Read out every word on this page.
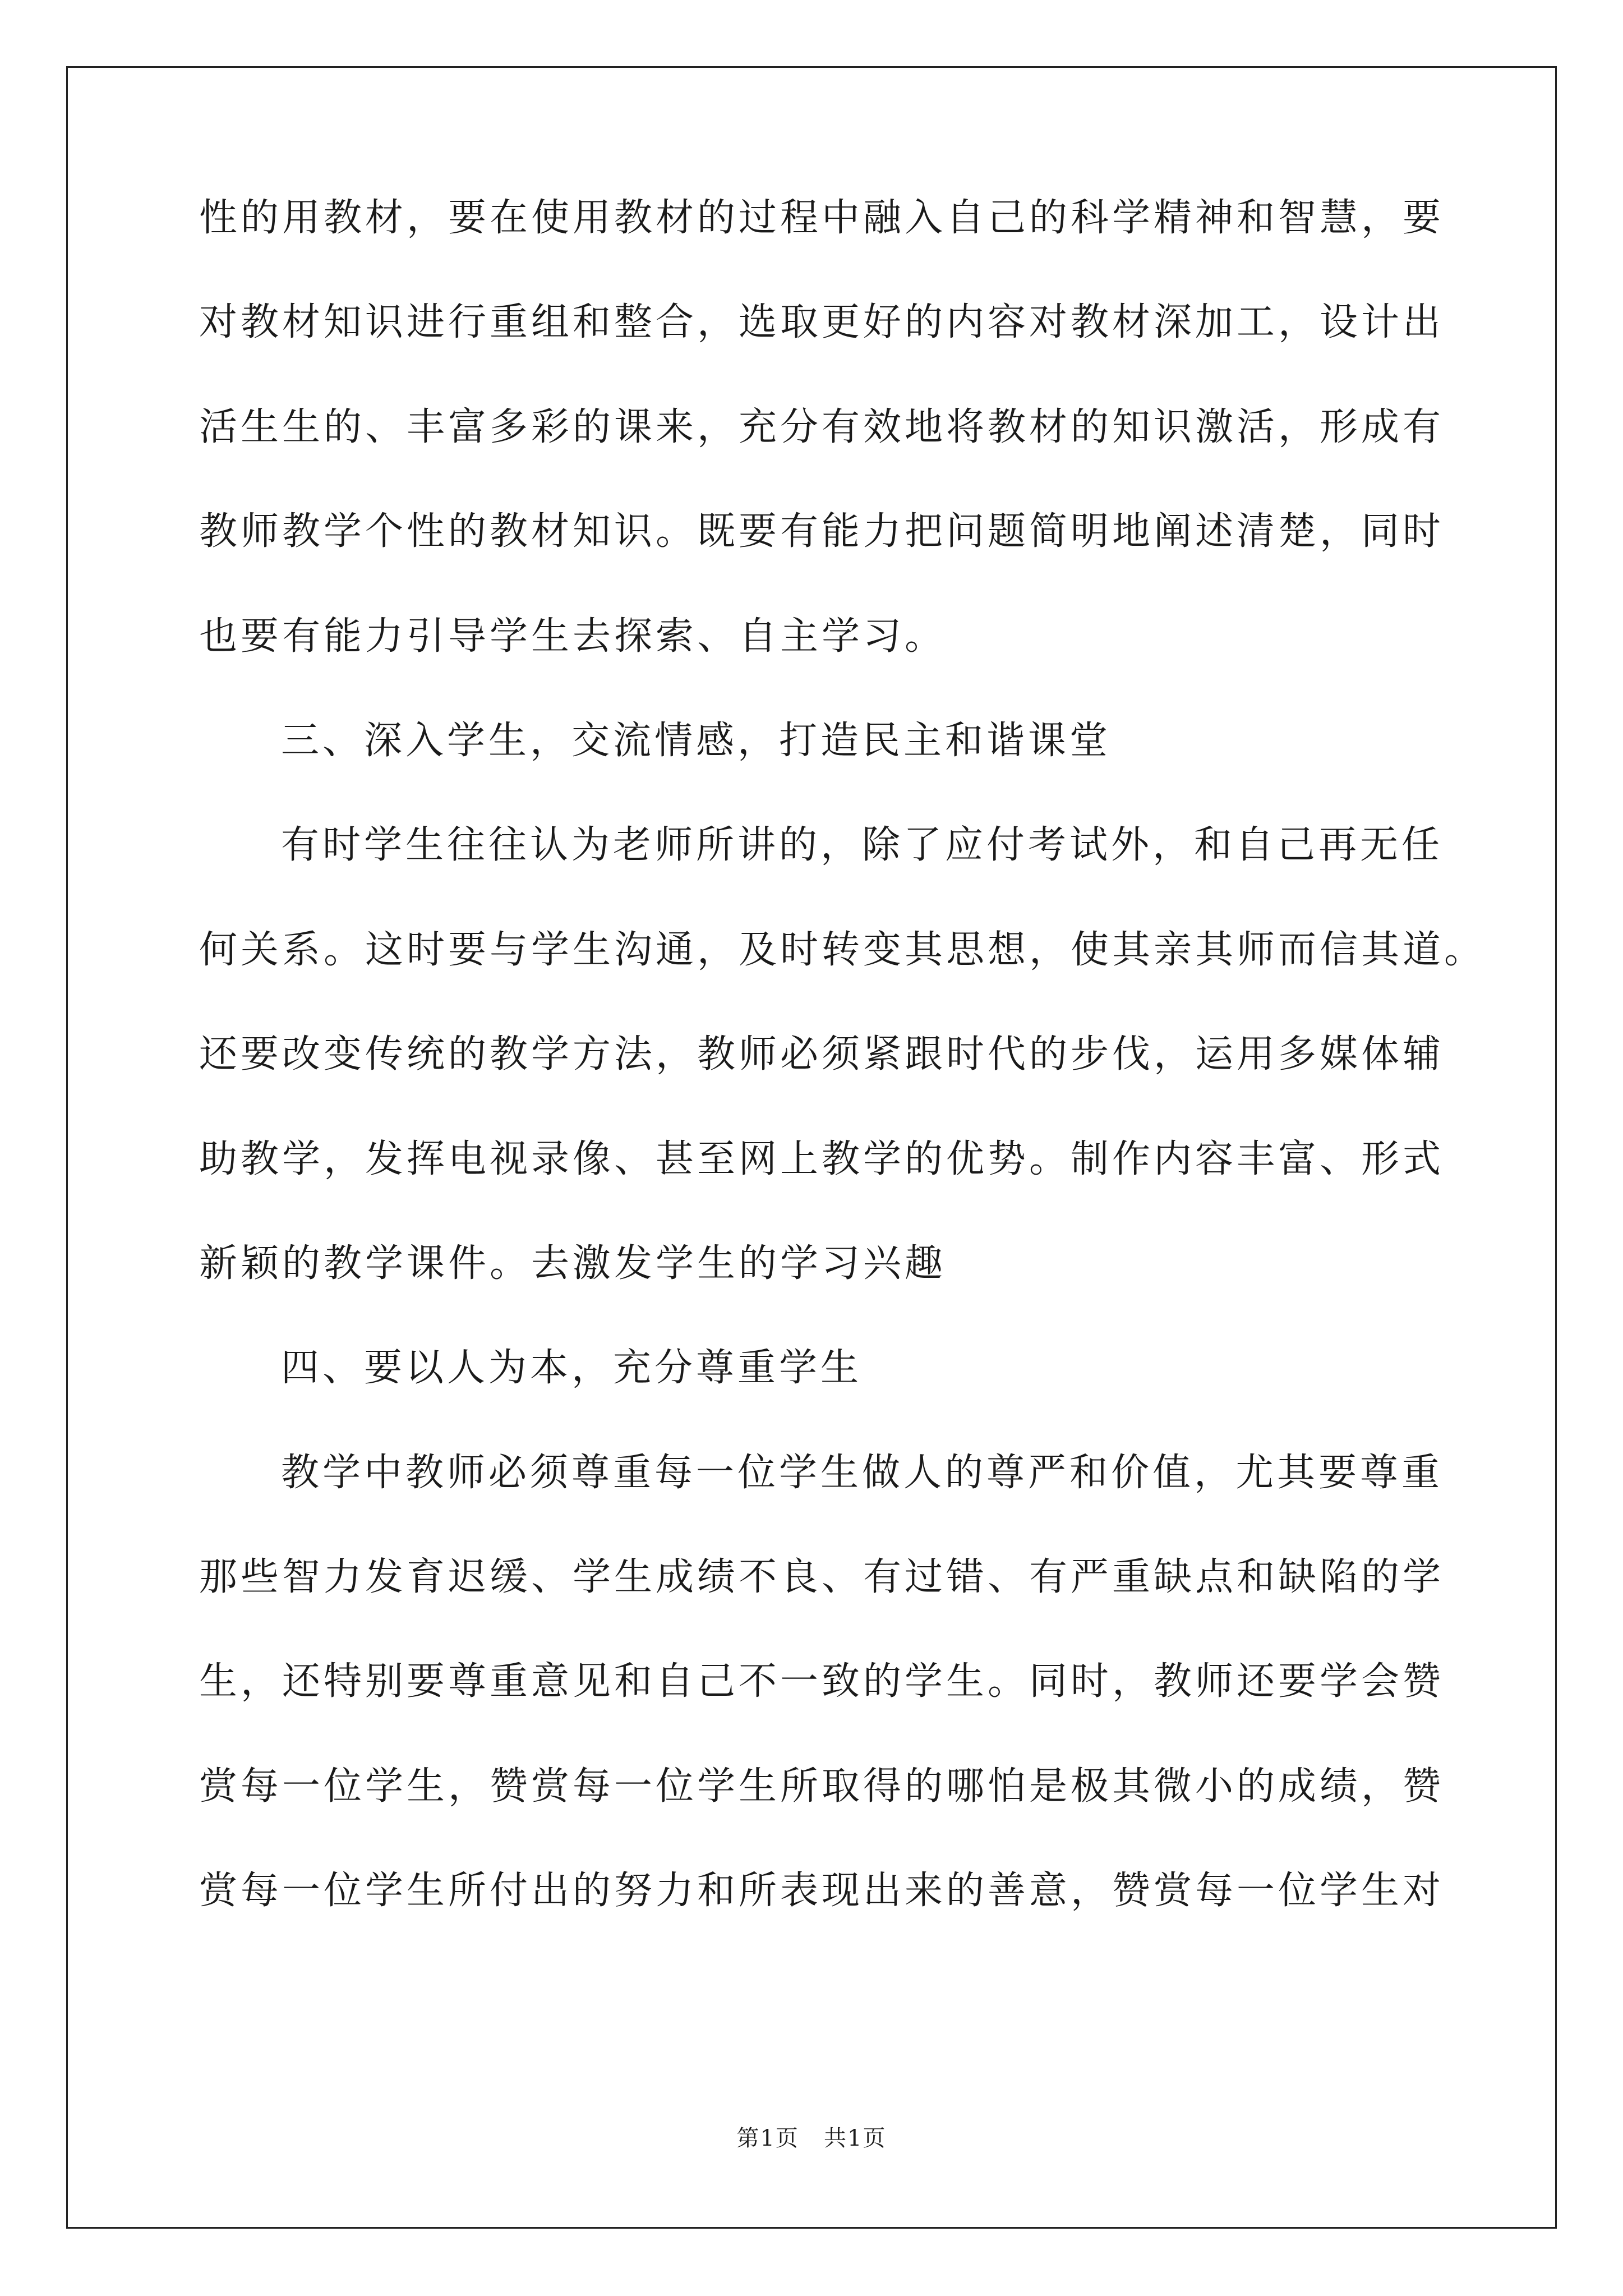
性的用教材，要在使用教材的过程中融入自己的科学精神和智慧，要
对教材知识进行重组和整合，选取更好的内容对教材深加工，设计出
活生生的、丰富多彩的课来，充分有效地将教材的知识激活，形成有
教师教学个性的教材知识。既要有能力把问题简明地阐述清楚，同时
也要有能力引导学生去探索、自主学习。
三、深入学生，交流情感，打造民主和谐课堂
有时学生往往认为老师所讲的，除了应付考试外，和自己再无任
何关系。这时要与学生沟通，及时转变其思想，使其亲其师而信其道。
还要改变传统的教学方法，教师必须紧跟时代的步伐，运用多媒体辅
助教学，发挥电视录像、甚至网上教学的优势。制作内容丰富、形式
新颖的教学课件。去激发学生的学习兴趣
四、要以人为本，充分尊重学生
教学中教师必须尊重每一位学生做人的尊严和价值，尤其要尊重
那些智力发育迟缓、学生成绩不良、有过错、有严重缺点和缺陷的学
生，还特别要尊重意见和自己不一致的学生。同时，教师还要学会赞
赏每一位学生，赞赏每一位学生所取得的哪怕是极其微小的成绩，赞
赏每一位学生所付出的努力和所表现出来的善意，赞赏每一位学生对
第1页   共1页
